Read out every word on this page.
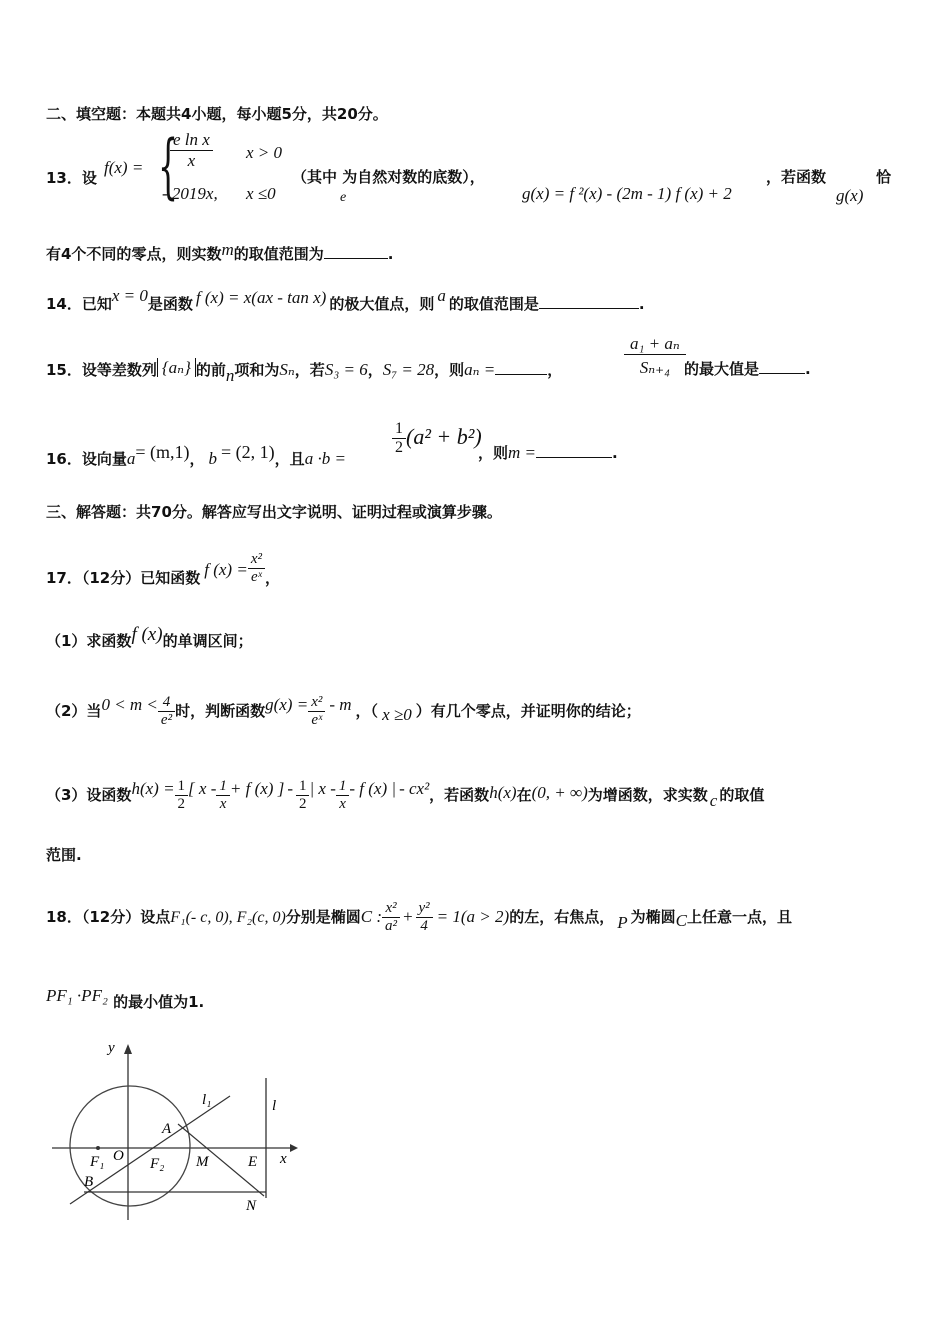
二、填空题：本题共4小题，每小题5分，共20分。
13．设
f(x) = {
$\frac{\text{e ln x}}{x}$ x > 0
- 2019x, x ≤0
（其中 为自然对数的底数），
e	g(x) = f ²(x) - (2m - 1) f (x) + 2
，若函数
g(x)
恰
有4个不同的零点，则实数m的取值范围为	.
14．已知x = 0是函数 f (x) = x(ax - tan x) 的极大值点，则 a 的取值范围是	.
15．设等差数列 {aₙ} 的前n项和为Sₙ，若S₃ = 6，S₇ = 28，则aₙ =	，	$\frac{\text{a₁ + aₙ}}{\text{Sₙ₊₄}}$
的最大值是	.
16．设向量a= (m,1)， b = (2, 1)，且a ·b =
$\frac{1}{2} (a^2 + b^2)$
，则m =	.
三、解答题：共70分。解答应写出文字说明、证明过程或演算步骤。
17．（12分）已知函数 f $(x) = \frac{\text{x²}}{\text{eˣ}}$ ，
（1）求函数f (x)的单调区间；
（2）当$0 < m < \frac{4}{\text{e²}}$ 时，判断函数$g(x) = \frac{\text{x²}}{\text{eˣ}} - m$ ，（ x ≥0 ）有几个零点，并证明你的结论；
（3）设函数$h(x) = \frac{1}{2}$ [ $x - \frac{1}{x} + f$ (x) ] - $\frac{1}{2}$ | x - $\frac{1}{x}$ - f (x) | - cx²，若函数h(x)在(0, + ∞)为增函数，求实数 c 的取值
范围.
18．（12分）设点F₁(- c, 0), F₂(c, 0)分别是椭圆C : $\frac{\text{x²}}{\text{a²}} + \frac{\text{y²}}{4} = 1(a > 2)$的左，右焦点， P 为椭圆C上任意一点，且
PF₁ ·PF₂ 的最小值为1.
y
x
O
F₁	F₂
A
B
M	E
N
l₁	l
